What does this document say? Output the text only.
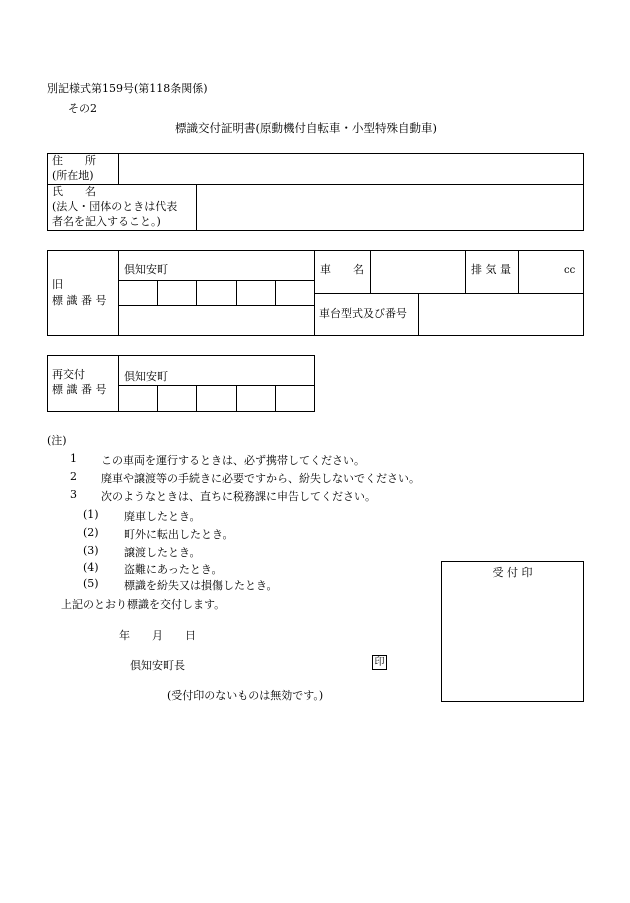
別記様式第159号(第118条関係)
その2
標識交付証明書(原動機付自転車・小型特殊自動車)
住　　所
(所在地)
氏　　名
(法人・団体のときは代表
者名を記入すること。)
旧
標 識 番 号
倶知安町	車　　名	排 気 量	cc
車台型式及び番号
再交付
標 識 番 号
倶知安町
(注)
1 この車両を運行するときは、必ず携帯してください。
2 廃車や譲渡等の手続きに必要ですから、紛失しないでください。
3 次のようなときは、直ちに税務課に申告してください。
(1) 廃車したとき。
(2) 町外に転出したとき。
(3) 譲渡したとき。
(4) 盗難にあったとき。
(5) 標識を紛失又は損傷したとき。
上記のとおり標識を交付します。
年　　月　　日
倶知安町長	印
(受付印のないものは無効です。)
受 付 印
